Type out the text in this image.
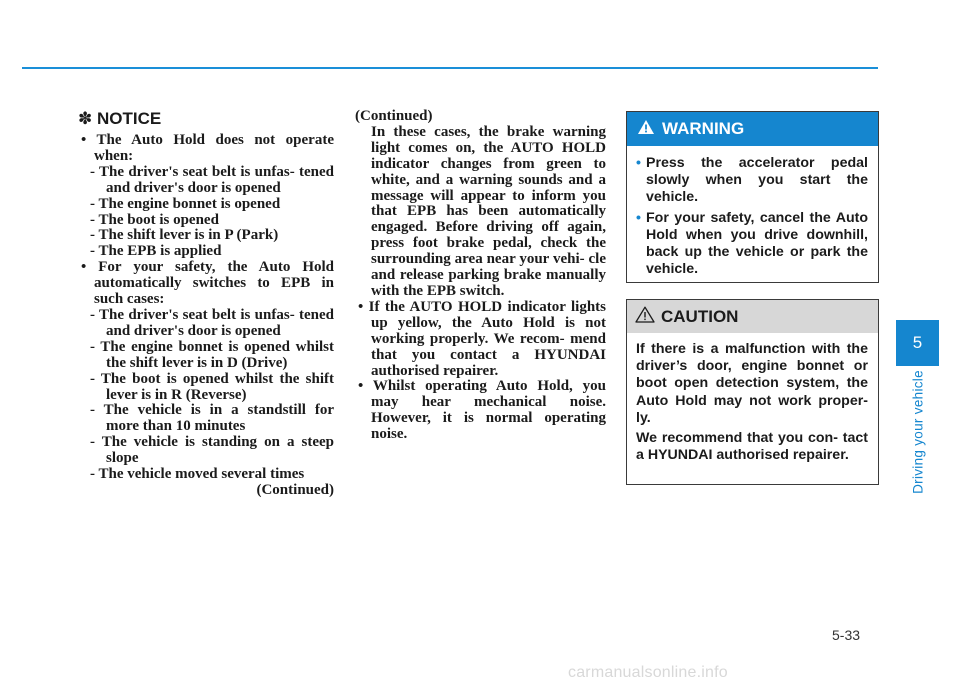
✽ NOTICE

• The Auto Hold does not operate when:

- The driver's seat belt is unfas- tened and driver's door is opened

- The engine bonnet is opened

- The boot is opened

- The shift lever is in P (Park)

- The EPB is applied

• For your safety, the Auto Hold automatically switches to EPB in such cases:

- The driver's seat belt is unfas- tened and driver's door is opened

- The engine bonnet is opened whilst the shift lever is in D (Drive)

- The boot is opened whilst the shift lever is in R (Reverse)

- The vehicle is in a standstill for more than 10 minutes

- The vehicle is standing on a steep slope

- The vehicle moved several times

(Continued)

(Continued)

In these cases, the brake warning light comes on, the AUTO HOLD indicator changes from green to white, and a warning sounds and a message will appear to inform you that EPB has been automatically engaged. Before driving off again, press foot brake pedal, check the surrounding area near your vehi- cle and release parking brake manually with the EPB switch.

• If the AUTO HOLD indicator lights up yellow, the Auto Hold is not working properly. We recom- mend that you contact a HYUNDAI authorised repairer.

• Whilst operating Auto Hold, you may hear mechanical noise. However, it is normal operating noise.

WARNING
• Press the accelerator pedal slowly when you start the vehicle.
• For your safety, cancel the Auto Hold when you drive downhill, back up the vehicle or park the vehicle.
CAUTION

If there is a malfunction with the driver’s door, engine bonnet or boot open detection system, the Auto Hold may not work proper- ly.

We recommend that you con- tact a HYUNDAI authorised repairer.

5
Driving your vehicle
5-33
carmanualsonline.info
